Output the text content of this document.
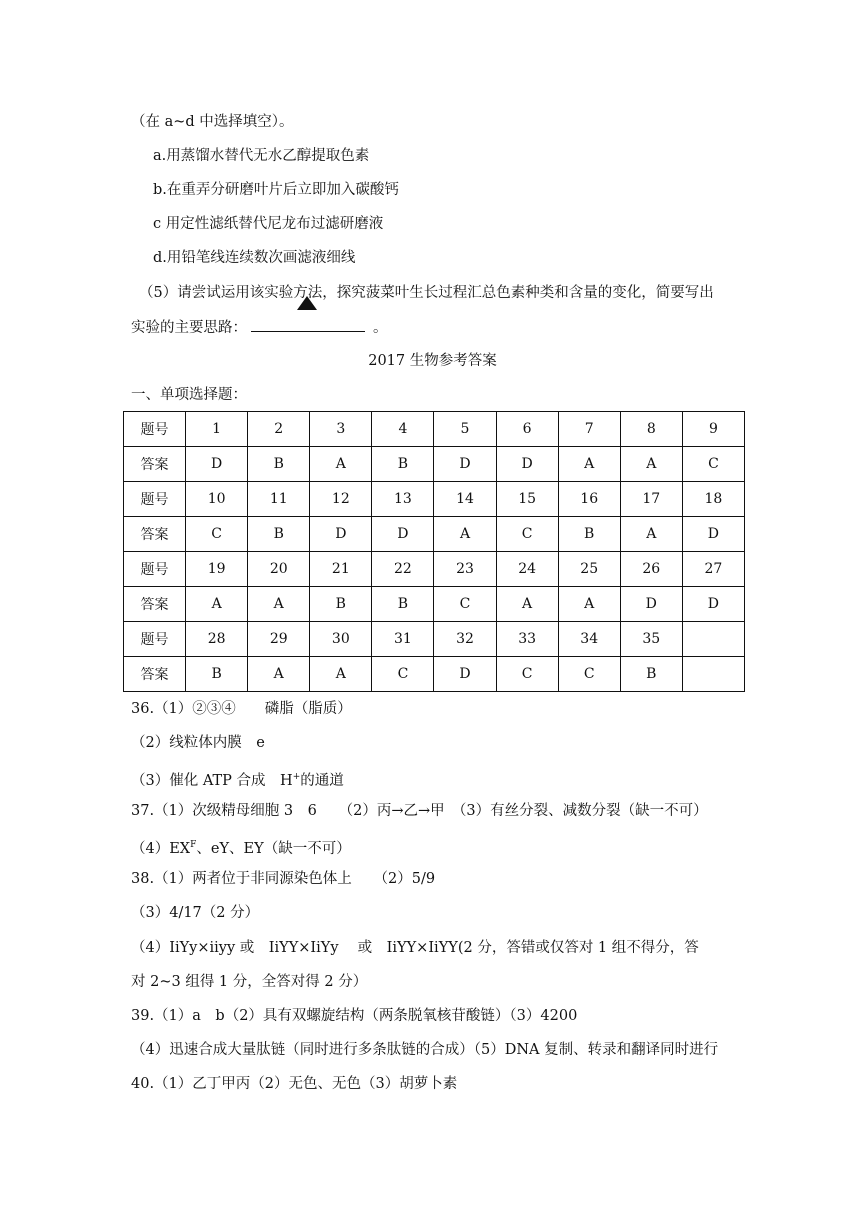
（在 a~d 中选择填空）。
a.用蒸馏水替代无水乙醇提取色素
b.在重弄分研磨叶片后立即加入碳酸钙
c 用定性滤纸替代尼龙布过滤研磨液
d.用铅笔线连续数次画滤液细线
（5）请尝试运用该实验方法，探究菠菜叶生长过程汇总色素种类和含量的变化，简要写出
实验的主要思路：	。
2017 生物参考答案
一、单项选择题：
题号	1	2	3	4	5	6	7	8	9
答案	D	B	A	B	D	D	A	A	C
题号	10	11	12	13	14	15	16	17	18
答案	C	B	D	D	A	C	B	A	D
题号	19	20	21	22	23	24	25	26	27
答案	A	A	B	B	C	A	A	D	D
题号	28	29	30	31	32	33	34	35	
答案	B	A	A	C	D	C	C	B	
36.（1）②③④　　磷脂（脂质）
（2）线粒体内膜　e
（3）催化 ATP 合成　H+的通道
37.（1）次级精母细胞 3　6　　（2）丙→乙→甲　（3）有丝分裂、减数分裂（缺一不可）
$(4)EX^F$、eY、EY（缺一不可）
38.（1）两者位于非同源染色体上　　（2）5/9
（3）4/17（2 分）
（4）IiYy×iiyy 或　IiYY×IiYy　 或　IiYY×IiYY(2 分，答错或仅答对 1 组不得分，答
对 2~3 组得 1 分，全答对得 2 分）
39.（1）a　b（2）具有双螺旋结构（两条脱氧核苷酸链）（3）4200
（4）迅速合成大量肽链（同时进行多条肽链的合成）（5）DNA 复制、转录和翻译同时进行
40.（1）乙丁甲丙（2）无色、无色（3）胡萝卜素
